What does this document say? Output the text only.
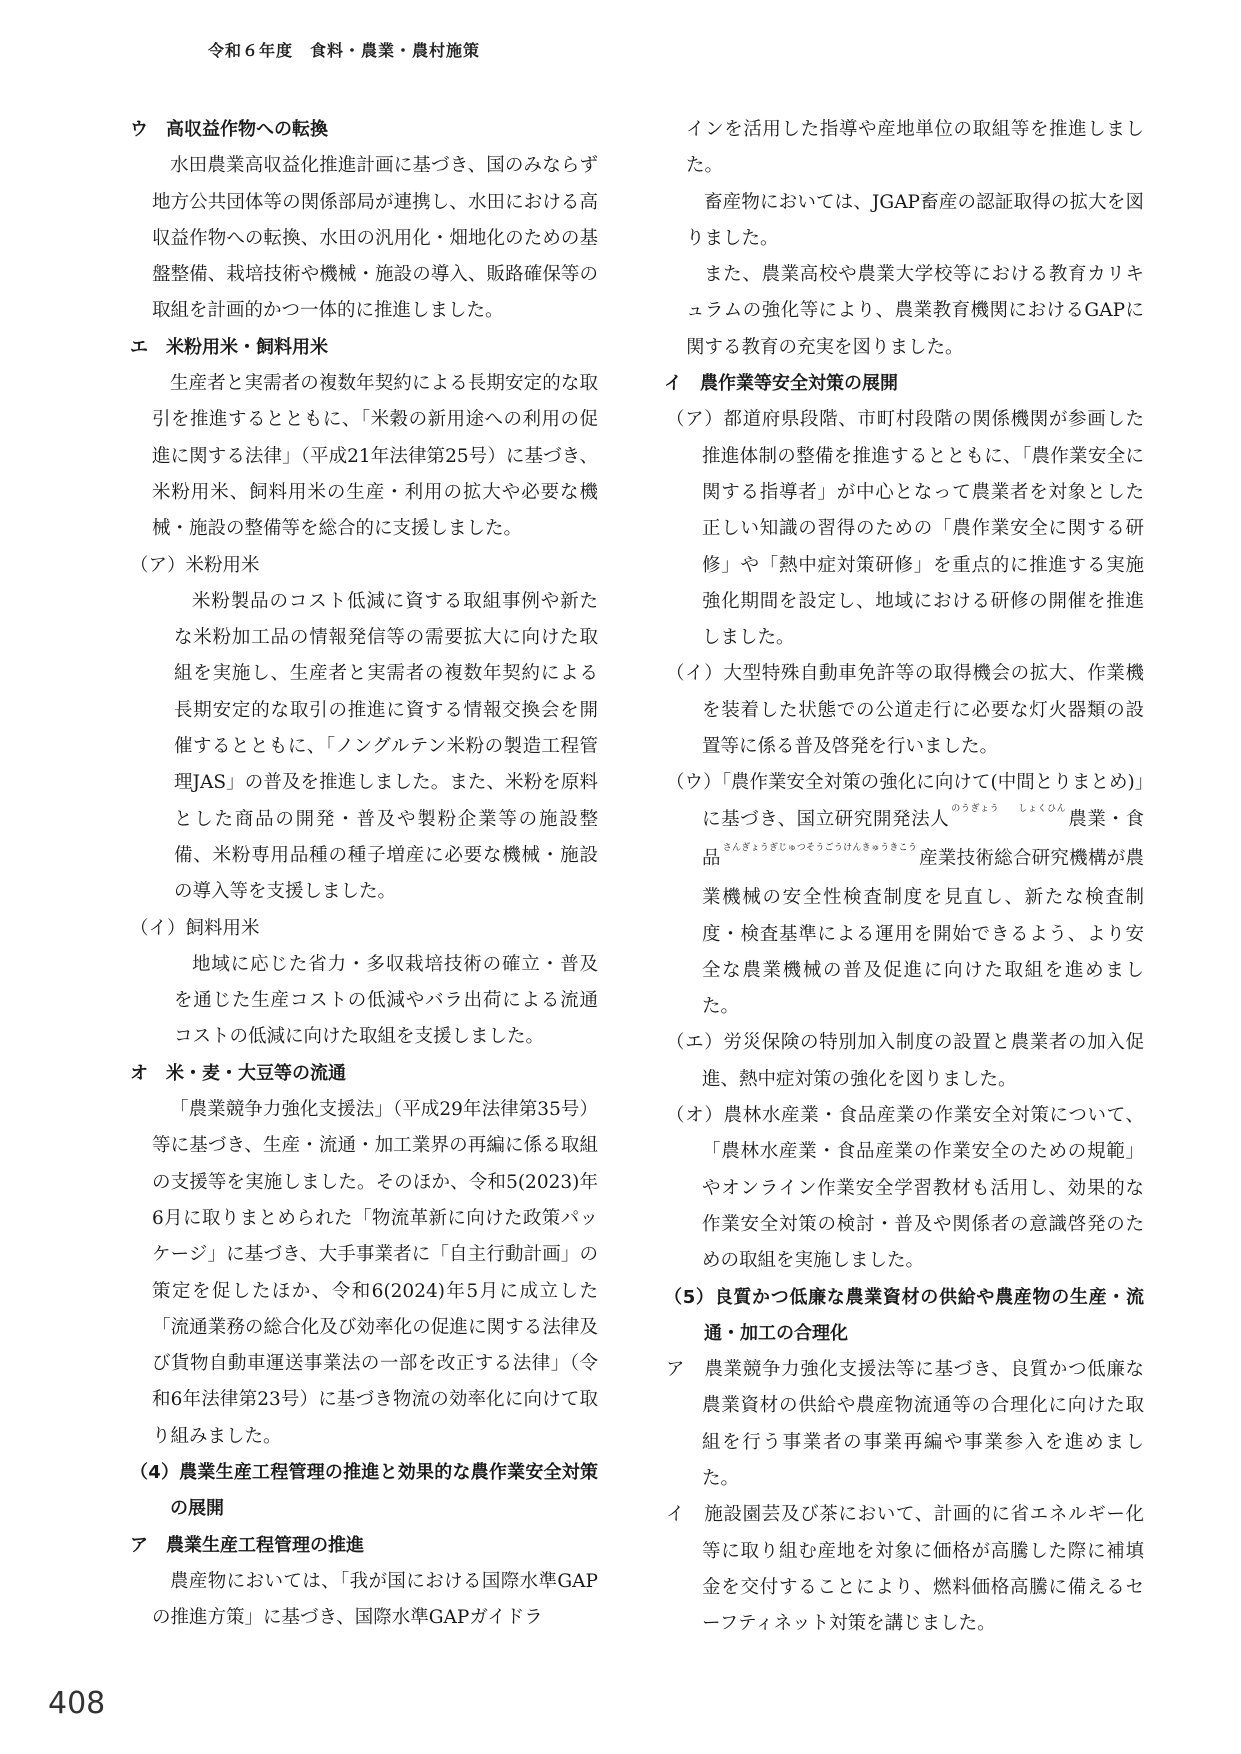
令和６年度　食料・農業・農村施策
ウ　高収益作物への転換
水田農業高収益化推進計画に基づき、国のみならず地方公共団体等の関係部局が連携し、水田における高収益作物への転換、水田の汎用化・畑地化のための基盤整備、栽培技術や機械・施設の導入、販路確保等の取組を計画的かつ一体的に推進しました。
エ　米粉用米・飼料用米
生産者と実需者の複数年契約による長期安定的な取引を推進するとともに、「米穀の新用途への利用の促進に関する法律」（平成21年法律第25号）に基づき、米粉用米、飼料用米の生産・利用の拡大や必要な機械・施設の整備等を総合的に支援しました。
（ア）米粉用米
米粉製品のコスト低減に資する取組事例や新たな米粉加工品の情報発信等の需要拡大に向けた取組を実施し、生産者と実需者の複数年契約による長期安定的な取引の推進に資する情報交換会を開催するとともに、「ノングルテン米粉の製造工程管理JAS」の普及を推進しました。また、米粉を原料とした商品の開発・普及や製粉企業等の施設整備、米粉専用品種の種子増産に必要な機械・施設の導入等を支援しました。
（イ）飼料用米
地域に応じた省力・多収栽培技術の確立・普及を通じた生産コストの低減やバラ出荷による流通コストの低減に向けた取組を支援しました。
オ　米・麦・大豆等の流通
「農業競争力強化支援法」（平成29年法律第35号）等に基づき、生産・流通・加工業界の再編に係る取組の支援等を実施しました。そのほか、令和5(2023)年6月に取りまとめられた「物流革新に向けた政策パッケージ」に基づき、大手事業者に「自主行動計画」の策定を促したほか、令和6(2024)年5月に成立した「流通業務の総合化及び効率化の促進に関する法律及び貨物自動車運送事業法の一部を改正する法律」（令和6年法律第23号）に基づき物流の効率化に向けて取り組みました。
（4）農業生産工程管理の推進と効果的な農作業安全対策の展開
ア　農業生産工程管理の推進
農産物においては、「我が国における国際水準GAPの推進方策」に基づき、国際水準GAPガイドラ
インを活用した指導や産地単位の取組等を推進しました。
畜産物においては、JGAP畜産の認証取得の拡大を図りました。
また、農業高校や農業大学校等における教育カリキュラムの強化等により、農業教育機関におけるGAPに関する教育の充実を図りました。
イ　農作業等安全対策の展開
（ア）都道府県段階、市町村段階の関係機関が参画した推進体制の整備を推進するとともに、「農作業安全に関する指導者」が中心となって農業者を対象とした正しい知識の習得のための「農作業安全に関する研修」や「熱中症対策研修」を重点的に推進する実施強化期間を設定し、地域における研修の開催を推進しました。
（イ）大型特殊自動車免許等の取得機会の拡大、作業機を装着した状態での公道走行に必要な灯火器類の設置等に係る普及啓発を行いました。
（ウ）「農作業安全対策の強化に向けて(中間とりまとめ)」に基づき、国立研究開発法人 $^{のうぎょう しょくひん}$ 農業・食品 $^{さんぎょうぎじゅつそうごうけんきゅうきこう}$ 産業技術総合研究機構が農業機械の安全性検査制度を見直し、新たな検査制度・検査基準による運用を開始できるよう、より安全な農業機械の普及促進に向けた取組を進めました。
（エ）労災保険の特別加入制度の設置と農業者の加入促進、熱中症対策の強化を図りました。
（オ）農林水産業・食品産業の作業安全対策について、「農林水産業・食品産業の作業安全のための規範」やオンライン作業安全学習教材も活用し、効果的な作業安全対策の検討・普及や関係者の意識啓発のための取組を実施しました。
（5）良質かつ低廉な農業資材の供給や農産物の生産・流通・加工の合理化
ア　農業競争力強化支援法等に基づき、良質かつ低廉な農業資材の供給や農産物流通等の合理化に向けた取組を行う事業者の事業再編や事業参入を進めました。
イ　施設園芸及び茶において、計画的に省エネルギー化等に取り組む産地を対象に価格が高騰した際に補填金を交付することにより、燃料価格高騰に備えるセーフティネット対策を講じました。
408
